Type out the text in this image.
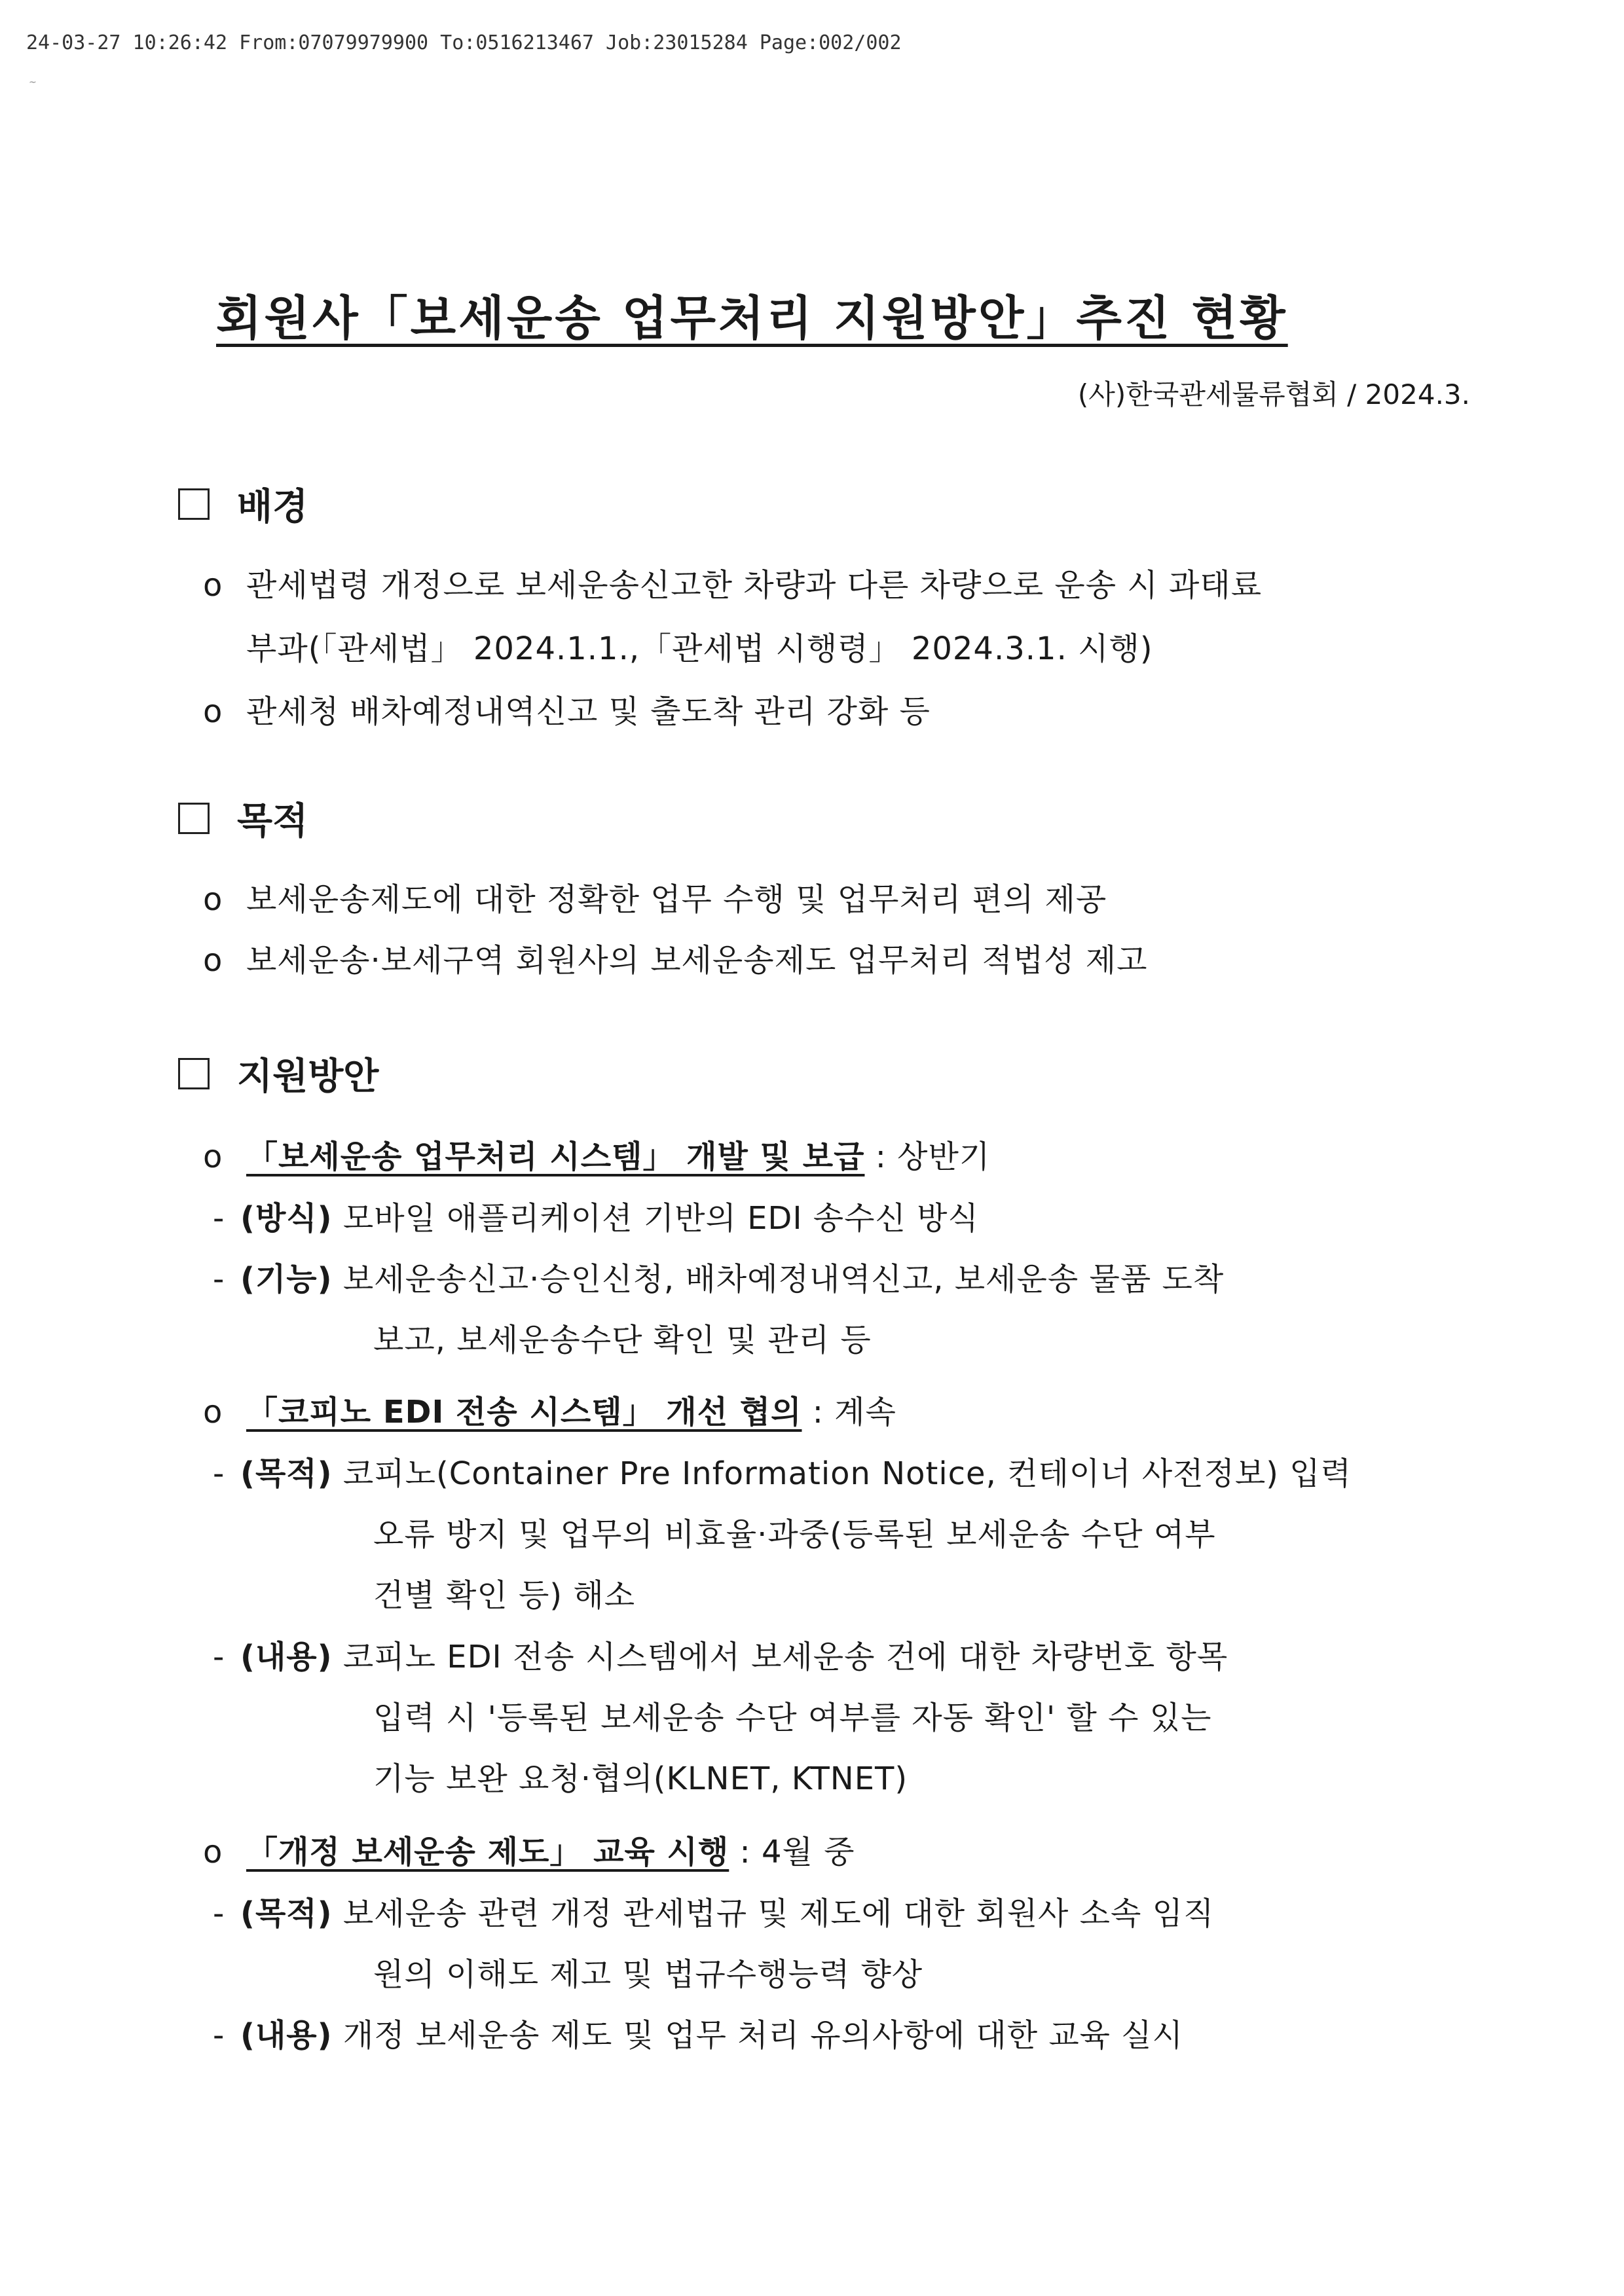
24-03-27 10:26:42 From:07079979900 To:0516213467 Job:23015284 Page:002/002
~
회원사「보세운송 업무처리 지원방안」추진 현황
(사)한국관세물류협회 / 2024.3.
배경
o 관세법령 개정으로 보세운송신고한 차량과 다른 차량으로 운송 시 과태료
부과(「관세법」 2024.1.1.,「관세법 시행령」 2024.3.1. 시행)
o 관세청 배차예정내역신고 및 출도착 관리 강화 등
목적
o 보세운송제도에 대한 정확한 업무 수행 및 업무처리 편의 제공
o 보세운송·보세구역 회원사의 보세운송제도 업무처리 적법성 제고
지원방안
o 「보세운송 업무처리 시스템」 개발 및 보급 : 상반기
- (방식) 모바일 애플리케이션 기반의 EDI 송수신 방식
- (기능) 보세운송신고·승인신청, 배차예정내역신고, 보세운송 물품 도착
보고, 보세운송수단 확인 및 관리 등
o 「코피노 EDI 전송 시스템」 개선 협의 : 계속
- (목적) 코피노(Container Pre Information Notice, 컨테이너 사전정보) 입력
오류 방지 및 업무의 비효율·과중(등록된 보세운송 수단 여부
건별 확인 등) 해소
- (내용) 코피노 EDI 전송 시스템에서 보세운송 건에 대한 차량번호 항목
입력 시 '등록된 보세운송 수단 여부를 자동 확인' 할 수 있는
기능 보완 요청·협의(KLNET, KTNET)
o 「개정 보세운송 제도」 교육 시행 : 4월 중
- (목적) 보세운송 관련 개정 관세법규 및 제도에 대한 회원사 소속 임직
원의 이해도 제고 및 법규수행능력 향상
- (내용) 개정 보세운송 제도 및 업무 처리 유의사항에 대한 교육 실시
